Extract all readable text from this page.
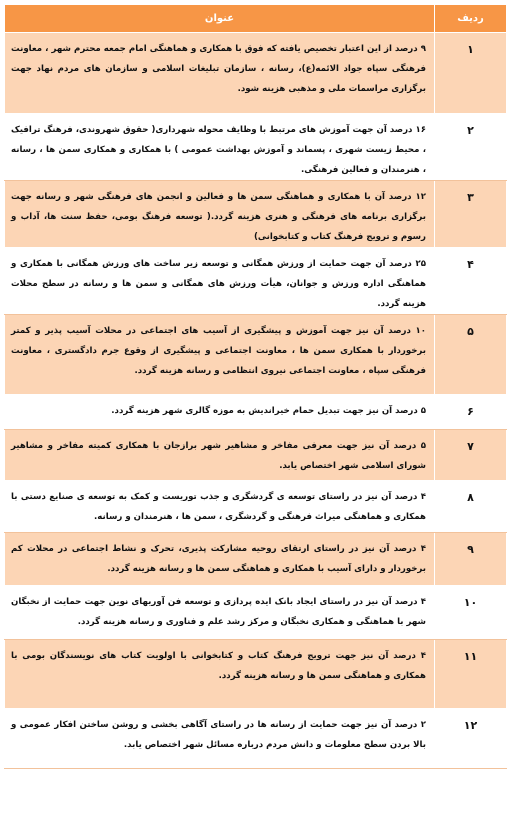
ردیف	عنوان
۱	۹ درصد از این اعتبار تخصیص یافته که فوق با همکاری و هماهنگی امام جمعه محترم شهر ، معاونت فرهنگی سپاه جواد الائمه(ع)، رسانه ، سازمان تبلیغات اسلامی و سازمان های مردم نهاد جهت برگزاری مراسمات ملی و مذهبی هزینه شود.
۲	۱۶ درصد آن جهت آموزش های مرتبط با وظایف محوله شهرداری( حقوق شهروندی، فرهنگ ترافیک ، محیط زیست شهری ، پسماند و آموزش بهداشت عمومی ) با همکاری و همکاری سمن ها ، رسانه ، هنرمندان و فعالین فرهنگی.
۳	۱۲ درصد آن با همکاری و هماهنگی سمن ها و فعالین و انجمن های فرهنگی شهر و رسانه جهت برگزاری برنامه های فرهنگی و هنری هزینه گردد.( توسعه فرهنگ بومی، حفظ سنت ها، آداب و رسوم و ترویج فرهنگ کتاب و کتابخوانی)
۴	۲۵ درصد آن جهت حمایت از ورزش همگانی و توسعه زیر ساخت های ورزش همگانی با همکاری و هماهنگی اداره ورزش و جوانان، هیأت ورزش های همگانی و سمن ها و رسانه در سطح محلات هزینه گردد.
۵	۱۰ درصد آن نیز جهت آموزش و پیشگیری از آسیب های اجتماعی در محلات آسیب پذیر و کمتر برخوردار با همکاری سمن ها ، معاونت اجتماعی و پیشگیری از وقوع جرم دادگستری ، معاونت فرهنگی سپاه ، معاونت اجتماعی نیروی انتظامی و رسانه هزینه گردد.
۶	۵ درصد آن نیز جهت تبدیل حمام خیراندیش به موزه گالری شهر هزینه گردد.
۷	۵ درصد آن نیز جهت معرفی مفاخر و مشاهیر شهر برازجان با همکاری کمیته مفاخر و مشاهیر شورای اسلامی شهر اختصاص یابد.
۸	۴ درصد آن نیز در راستای توسعه ی گردشگری و جذب توریست و کمک به توسعه ی صنایع دستی با همکاری و هماهنگی میراث فرهنگی و گردشگری ، سمن ها ، هنرمندان و رسانه.
۹	۴ درصد آن نیز در راستای ارتقای روحیه مشارکت پذیری، تحرک و نشاط اجتماعی در محلات کم برخوردار و دارای آسیب با همکاری و هماهنگی سمن ها و رسانه هزینه گردد.
۱۰	۴ درصد آن نیز در راستای ایجاد بانک ایده پردازی و توسعه فن آوریهای نوین جهت حمایت از نخبگان شهر با هماهنگی و همکاری نخبگان و مرکز رشد علم و فناوری و رسانه هزینه گردد.
۱۱	۴ درصد آن نیز جهت ترویج فرهنگ کتاب و کتابخوانی با اولویت کتاب های نویسندگان بومی با همکاری و هماهنگی سمن ها و رسانه هزینه گردد.
۱۲	۲ درصد آن نیز جهت حمایت از رسانه ها در راستای آگاهی بخشی و روشن ساختن افکار عمومی و بالا بردن سطح معلومات و دانش مردم درباره مسائل شهر اختصاص یابد.
